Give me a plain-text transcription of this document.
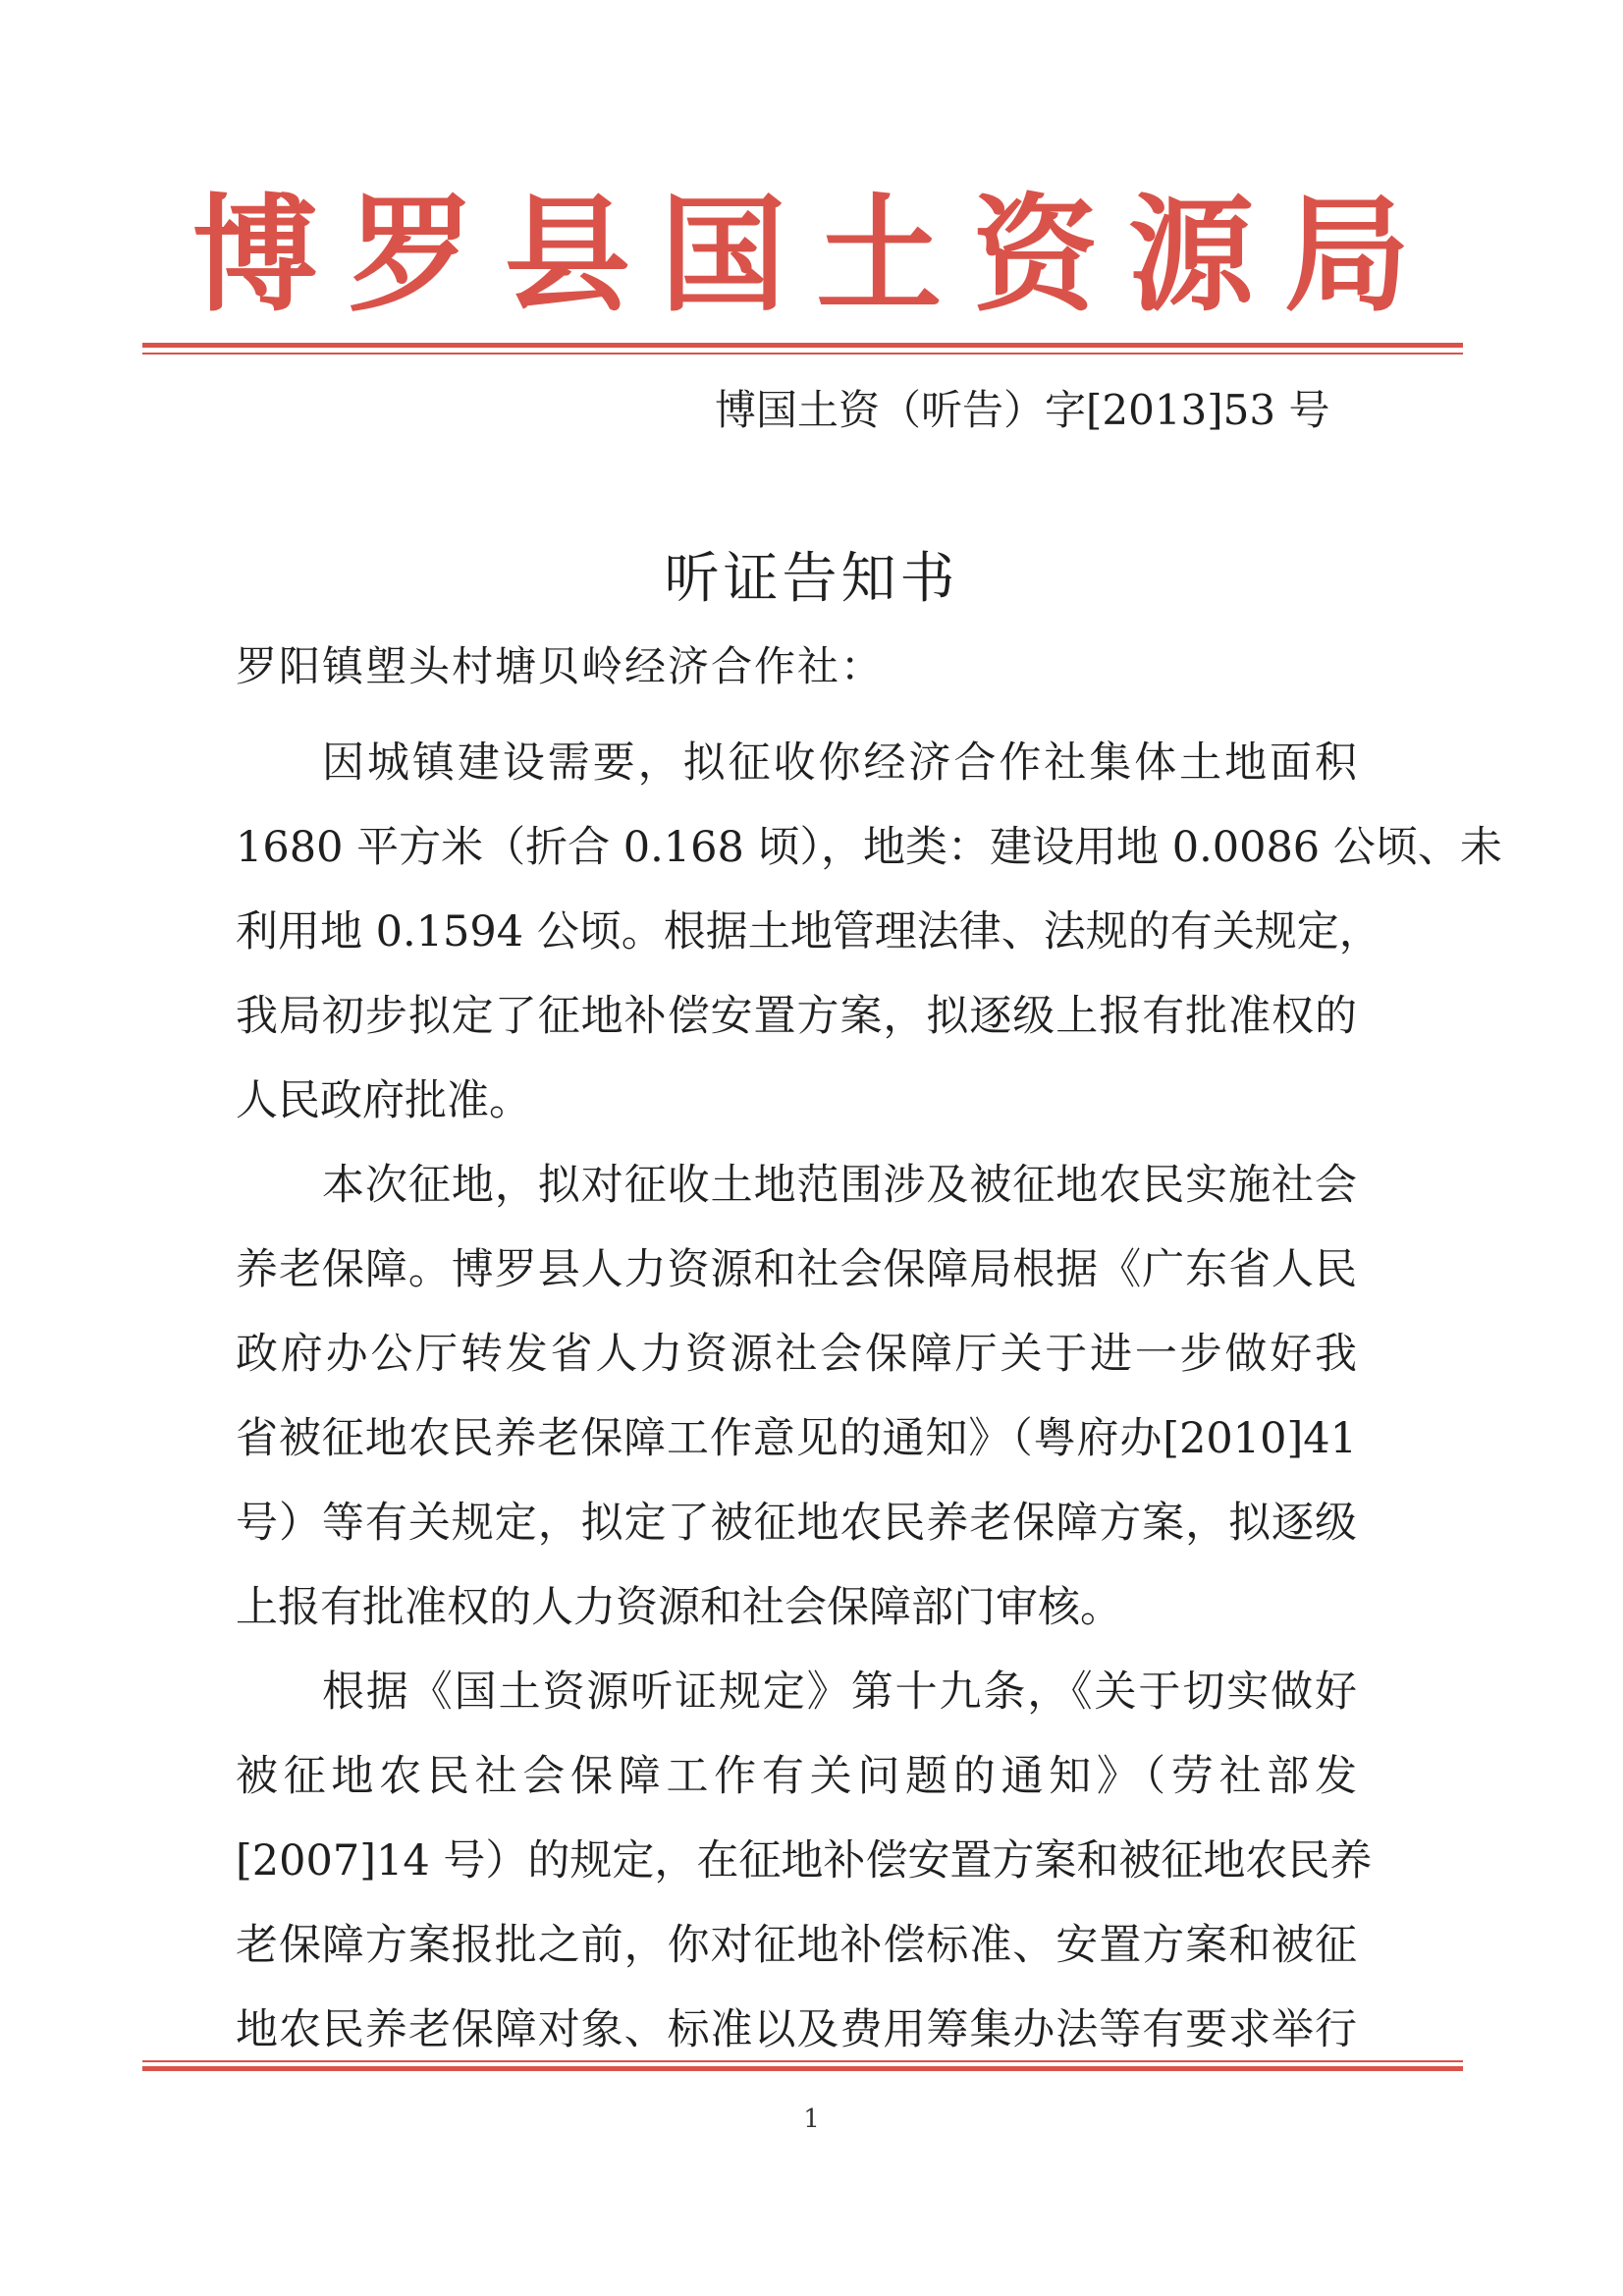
博 罗 县 国 土 资 源 局
博国土资（听告）字[2013]53 号
听证告知书
罗阳镇塱头村塘贝岭经济合作社：
因城镇建设需要，拟征收你经济合作社集体土地面积
1680 平方米（折合 0.168 顷），地类：建设用地 0.0086 公顷、未
利用地 0.1594 公顷。根据土地管理法律、法规的有关规定，
我局初步拟定了征地补偿安置方案，拟逐级上报有批准权的
人民政府批准。
本次征地，拟对征收土地范围涉及被征地农民实施社会
养老保障。博罗县人力资源和社会保障局根据《广东省人民
政府办公厅转发省人力资源社会保障厅关于进一步做好我
省被征地农民养老保障工作意见的通知》（粤府办[2010]41
号）等有关规定，拟定了被征地农民养老保障方案，拟逐级
上报有批准权的人力资源和社会保障部门审核。
根据《国土资源听证规定》第十九条，《关于切实做好
被征地农民社会保障工作有关问题的通知》（劳社部发
[2007]14 号）的规定，在征地补偿安置方案和被征地农民养
老保障方案报批之前，你对征地补偿标准、安置方案和被征
地农民养老保障对象、标准以及费用筹集办法等有要求举行
1
